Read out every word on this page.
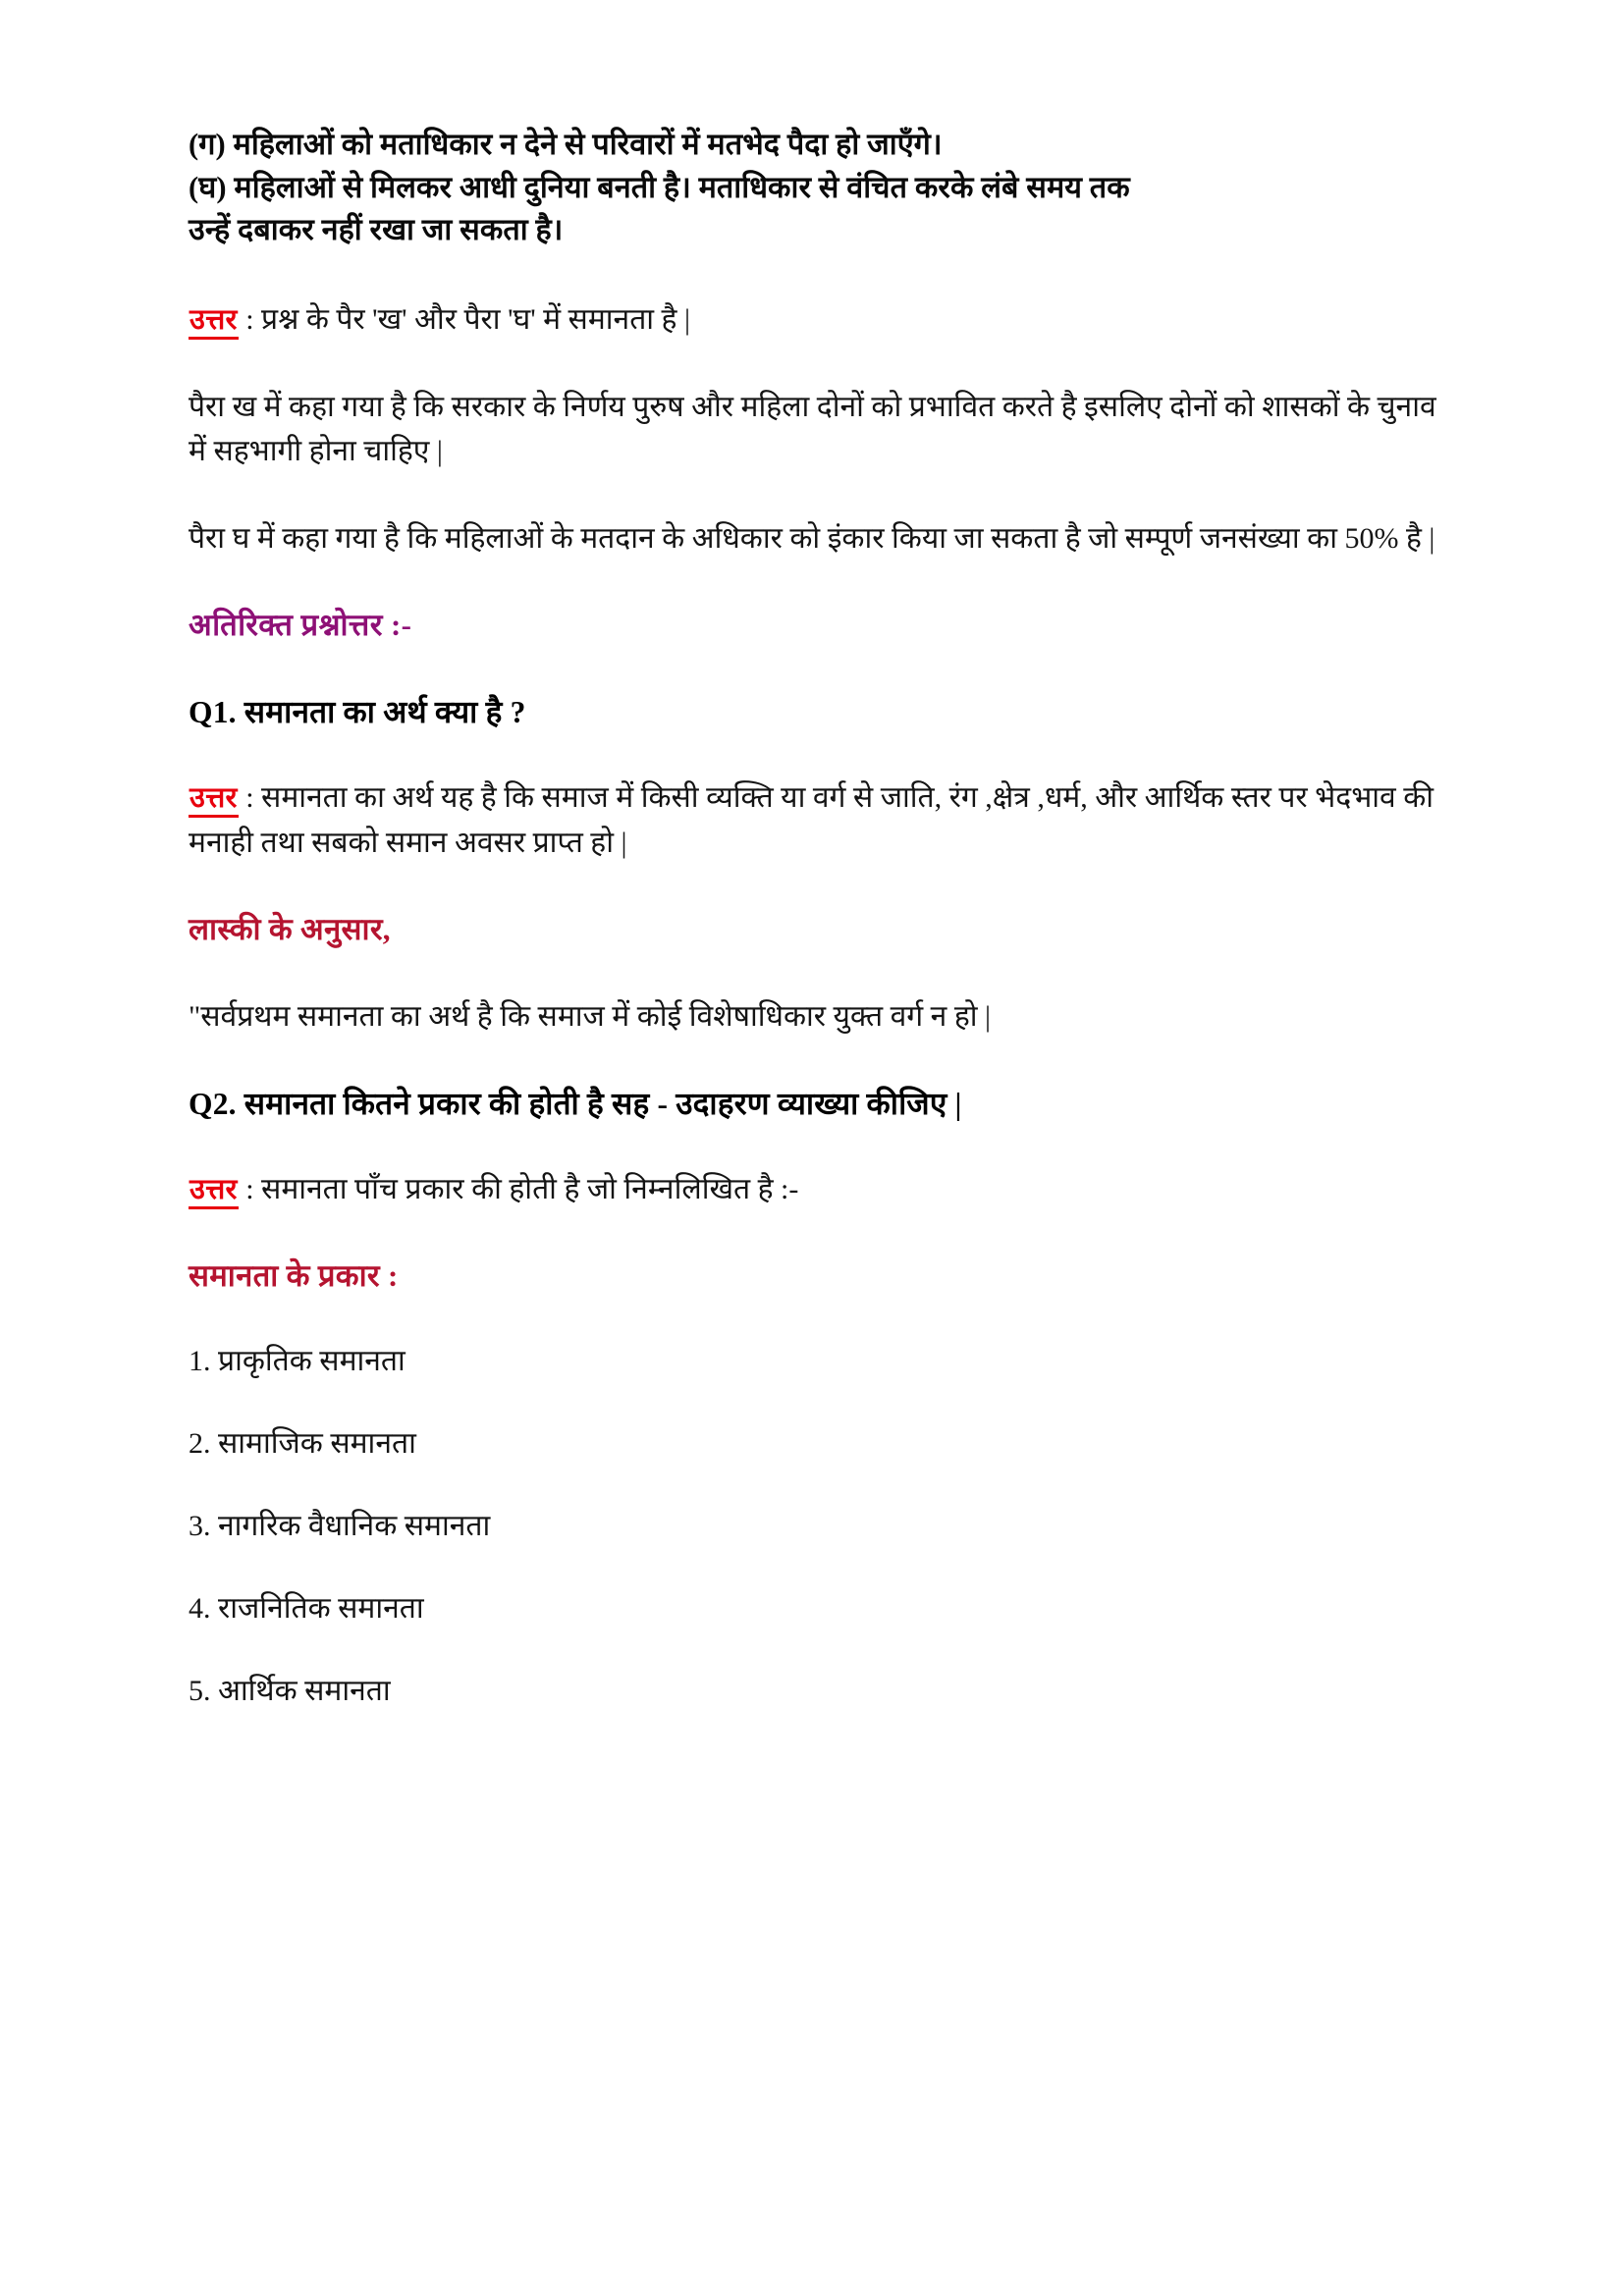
(ग) महिलाओं को मताधिकार न देने से परिवारों में मतभेद पैदा हो जाएँगे।
(घ) महिलाओं से मिलकर आधी दुनिया बनती है। मताधिकार से वंचित करके लंबे समय तक
उन्हें दबाकर नहीं रखा जा सकता है।

उत्तर : प्रश्न के पैर 'ख' और पैरा 'घ' में समानता है |

पैरा ख में कहा गया है कि सरकार के निर्णय पुरुष और महिला दोनों को प्रभावित करते है इसलिए दोनों को शासकों के चुनाव में सहभागी होना चाहिए |

पैरा घ में कहा गया है कि महिलाओं के मतदान के अधिकार को इंकार किया जा सकता है जो सम्पूर्ण जनसंख्या का 50% है |

अतिरिक्त प्रश्नोत्तर :-
Q1. समानता का अर्थ क्या है ?

उत्तर : समानता का अर्थ यह है कि समाज में किसी व्यक्ति या वर्ग से जाति, रंग ,क्षेत्र ,धर्म, और आर्थिक स्तर पर भेदभाव की मनाही तथा सबको समान अवसर प्राप्त हो |

लास्की के अनुसार,

"सर्वप्रथम समानता का अर्थ है कि समाज में कोई विशेषाधिकार युक्त वर्ग न हो |

Q2. समानता कितने प्रकार की होती है सह - उदाहरण व्याख्या कीजिए |

उत्तर : समानता पाँच प्रकार की होती है जो निम्नलिखित है :-

समानता के प्रकार :
1. प्राकृतिक समानता
2. सामाजिक समानता
3. नागरिक वैधानिक समानता
4. राजनितिक समानता
5. आर्थिक समानता
